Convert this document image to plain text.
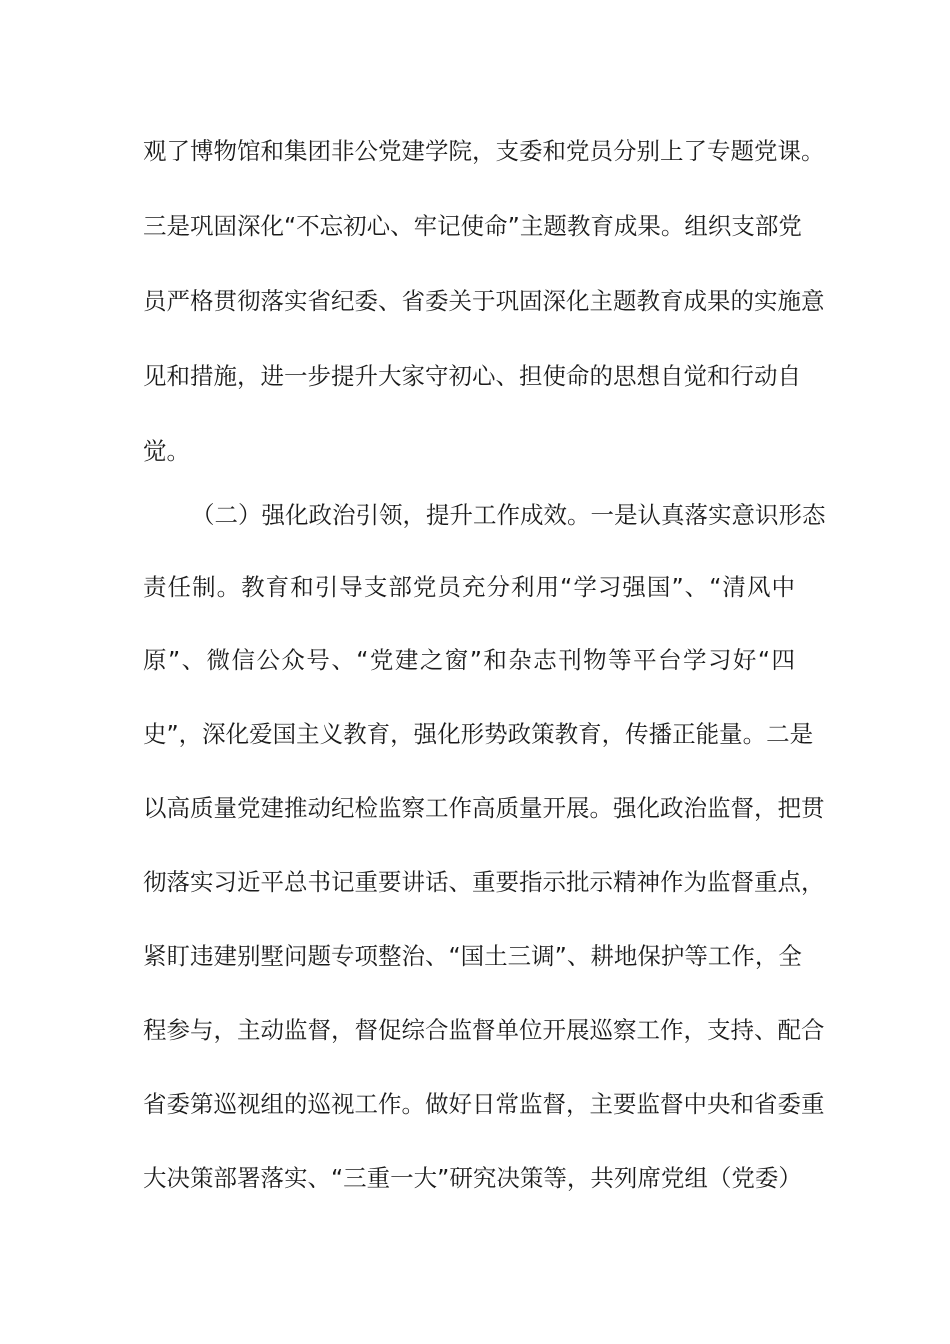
观了博物馆和集团非公党建学院，支委和党员分别上了专题党课。
三是巩固深化“不忘初心、牢记使命”主题教育成果。组织支部党
员严格贯彻落实省纪委、省委关于巩固深化主题教育成果的实施意
见和措施，进一步提升大家守初心、担使命的思想自觉和行动自
觉。
（二）强化政治引领，提升工作成效。一是认真落实意识形态
责任制。教育和引导支部党员充分利用“学习强国”、“清风中
原”、微信公众号、“党建之窗”和杂志刊物等平台学习好“四
史”，深化爱国主义教育，强化形势政策教育，传播正能量。二是
以高质量党建推动纪检监察工作高质量开展。强化政治监督，把贯
彻落实习近平总书记重要讲话、重要指示批示精神作为监督重点，
紧盯违建别墅问题专项整治、“国土三调”、耕地保护等工作，全
程参与，主动监督，督促综合监督单位开展巡察工作，支持、配合
省委第巡视组的巡视工作。做好日常监督，主要监督中央和省委重
大决策部署落实、“三重一大”研究决策等，共列席党组（党委）
